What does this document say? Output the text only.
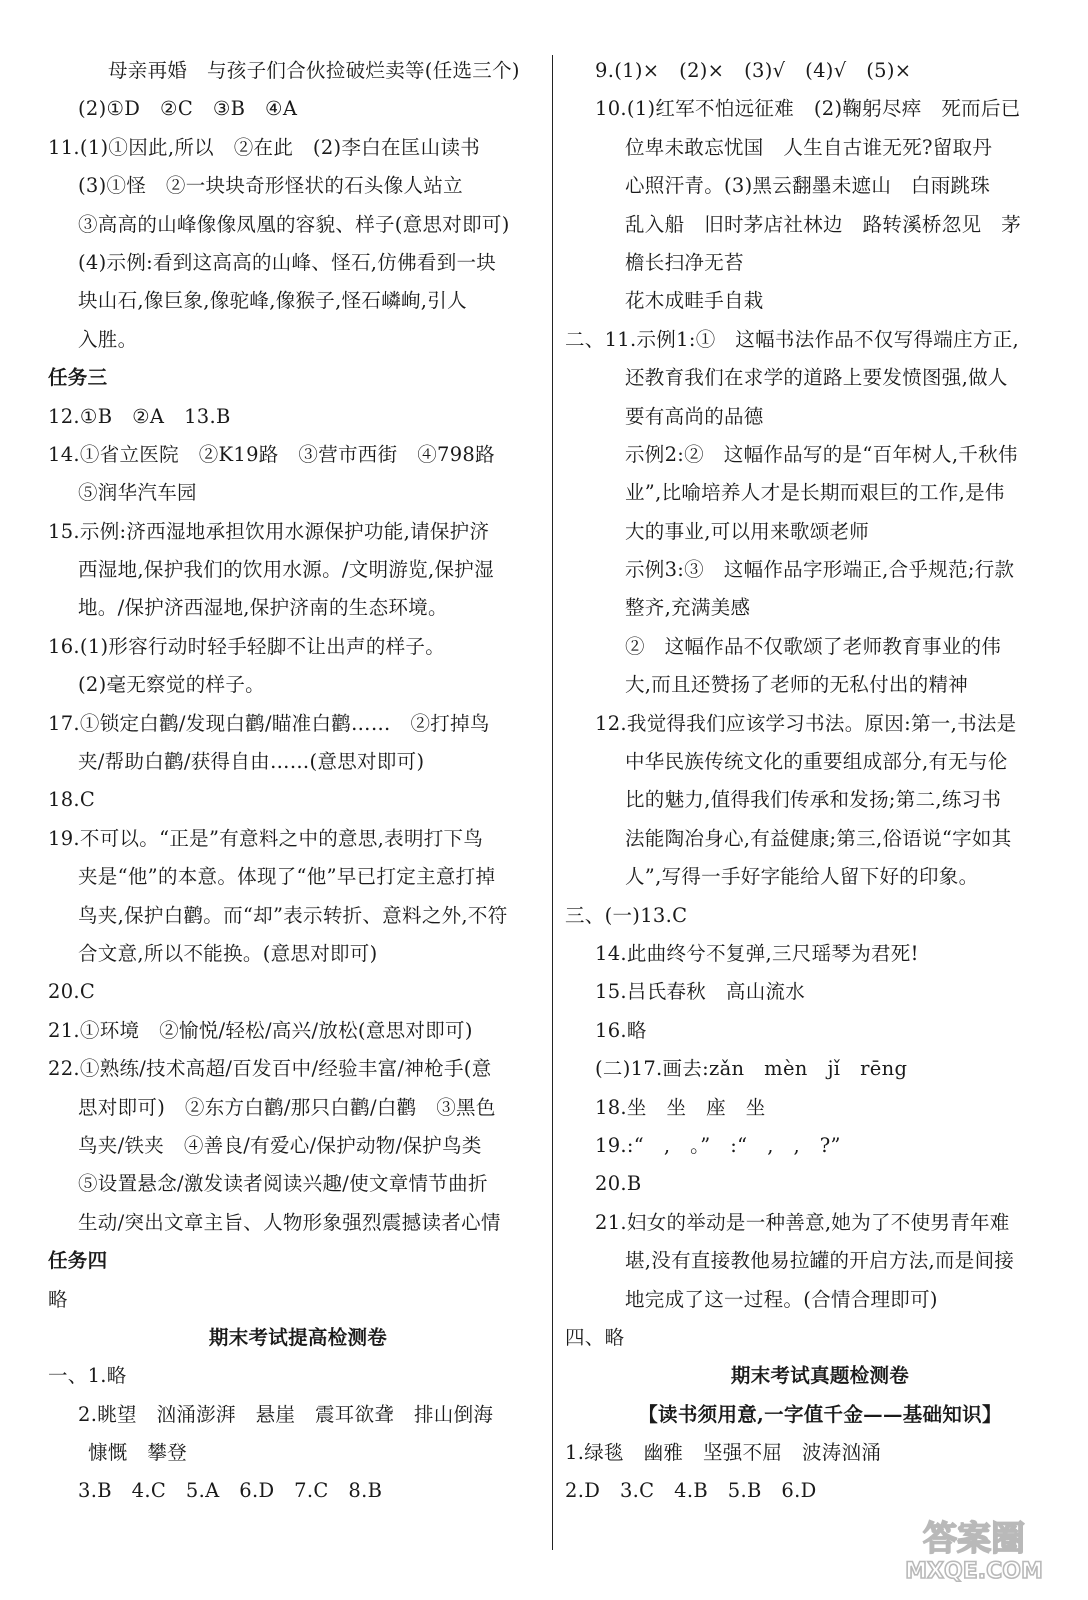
母亲再婚　与孩子们合伙捡破烂卖等(任选三个)
(2)①D　②C　③B　④A
11.(1)①因此,所以　②在此　(2)李白在匡山读书
(3)①怪　②一块块奇形怪状的石头像人站立
③高高的山峰像像凤凰的容貌、样子(意思对即可)
(4)示例:看到这高高的山峰、怪石,仿佛看到一块
块山石,像巨象,像驼峰,像猴子,怪石嶙峋,引人
入胜。
任务三
12.①B　②A　13.B
14.①省立医院　②K19路　③营市西街　④798路
⑤润华汽车园
15.示例:济西湿地承担饮用水源保护功能,请保护济
西湿地,保护我们的饮用水源。/文明游览,保护湿
地。/保护济西湿地,保护济南的生态环境。
16.(1)形容行动时轻手轻脚不让出声的样子。
(2)毫无察觉的样子。
17.①锁定白鹳/发现白鹳/瞄准白鹳……　②打掉鸟
夹/帮助白鹳/获得自由……(意思对即可)
18.C
19.不可以。“正是”有意料之中的意思,表明打下鸟
夹是“他”的本意。体现了“他”早已打定主意打掉
鸟夹,保护白鹳。而“却”表示转折、意料之外,不符
合文意,所以不能换。(意思对即可)
20.C
21.①环境　②愉悦/轻松/高兴/放松(意思对即可)
22.①熟练/技术高超/百发百中/经验丰富/神枪手(意
思对即可)　②东方白鹳/那只白鹳/白鹳　③黑色
鸟夹/铁夹　④善良/有爱心/保护动物/保护鸟类
⑤设置悬念/激发读者阅读兴趣/使文章情节曲折
生动/突出文章主旨、人物形象强烈震撼读者心情
任务四
略
期末考试提高检测卷
一、1.略
2.眺望　汹涌澎湃　悬崖　震耳欲聋　排山倒海
慷慨　攀登
3.B　4.C　5.A　6.D　7.C　8.B
9.(1)×　(2)×　(3)√　(4)√　(5)×
10.(1)红军不怕远征难　(2)鞠躬尽瘁　死而后已
位卑未敢忘忧国　人生自古谁无死?留取丹
心照汗青。(3)黑云翻墨未遮山　白雨跳珠
乱入船　旧时茅店社林边　路转溪桥忽见　茅
檐长扫净无苔
花木成畦手自栽
二、11.示例1:①　这幅书法作品不仅写得端庄方正,
还教育我们在求学的道路上要发愤图强,做人
要有高尚的品德
示例2:②　这幅作品写的是“百年树人,千秋伟
业”,比喻培养人才是长期而艰巨的工作,是伟
大的事业,可以用来歌颂老师
示例3:③　这幅作品字形端正,合乎规范;行款
整齐,充满美感
②　这幅作品不仅歌颂了老师教育事业的伟
大,而且还赞扬了老师的无私付出的精神
12.我觉得我们应该学习书法。原因:第一,书法是
中华民族传统文化的重要组成部分,有无与伦
比的魅力,值得我们传承和发扬;第二,练习书
法能陶冶身心,有益健康;第三,俗语说“字如其
人”,写得一手好字能给人留下好的印象。
三、(一)13.C
14.此曲终兮不复弹,三尺瑶琴为君死!
15.吕氏春秋　高山流水
16.略
(二)17.画去:zǎn　mèn　jǐ　rēng
18.坐　坐　座　坐
19.:“　,　。”　:“　,　,　?”
20.B
21.妇女的举动是一种善意,她为了不使男青年难
堪,没有直接教他易拉罐的开启方法,而是间接
地完成了这一过程。(合情合理即可)
四、略
期末考试真题检测卷
【读书须用意,一字值千金——基础知识】
1.绿毯　幽雅　坚强不屈　波涛汹涌
2.D　3.C　4.B　5.B　6.D
答案圈
MXQE.COM
